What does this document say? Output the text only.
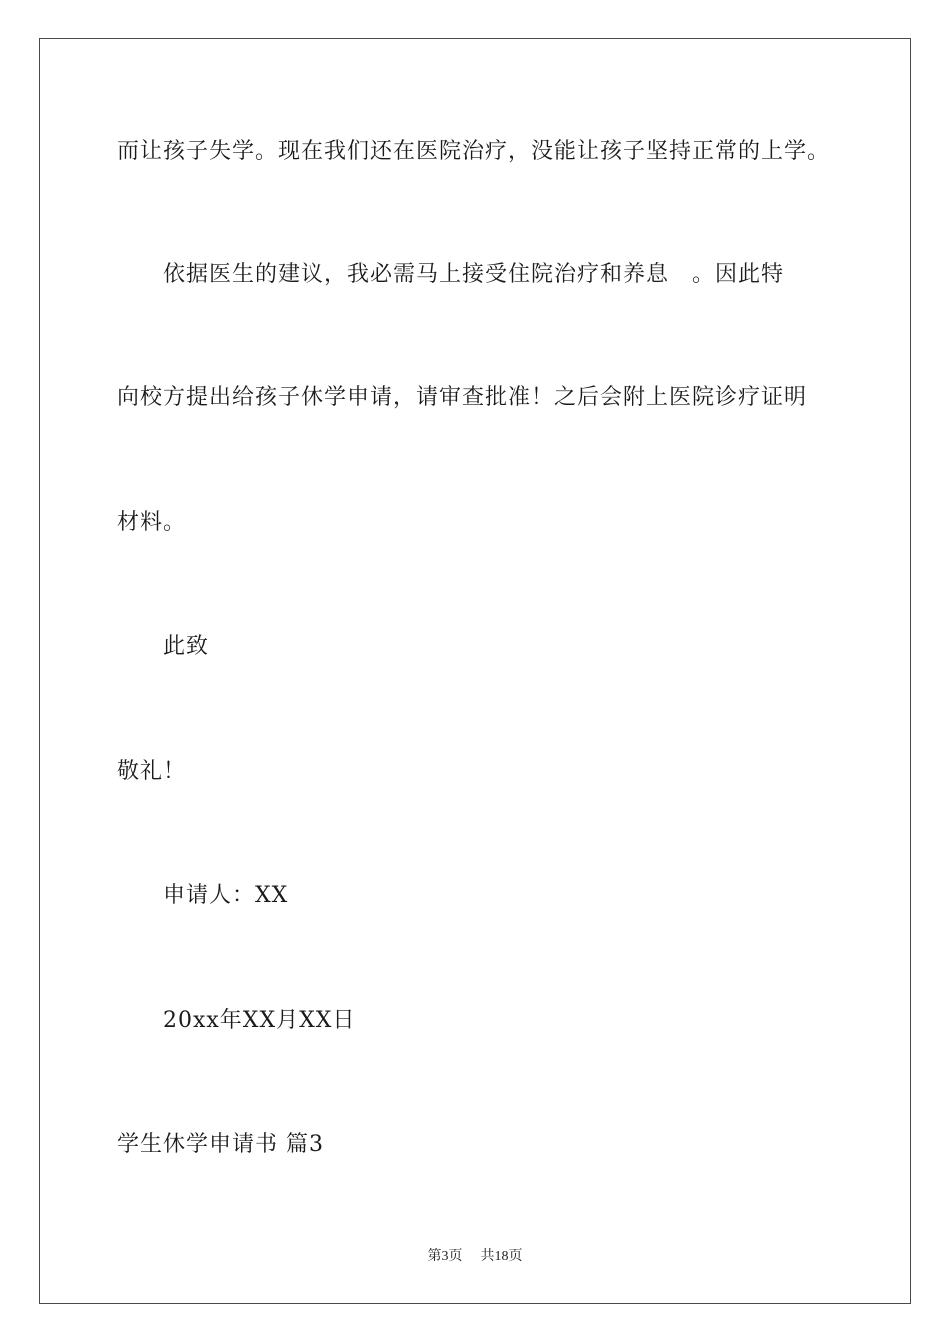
而让孩子失学。现在我们还在医院治疗，没能让孩子坚持正常的上学。
依据医生的建议，我必需马上接受住院治疗和养息　。因此特
向校方提出给孩子休学申请，请审查批准！之后会附上医院诊疗证明
材料。
此致
敬礼！
申请人：XX
20xx年XX月XX日
学生休学申请书 篇3
第3页 共18页
